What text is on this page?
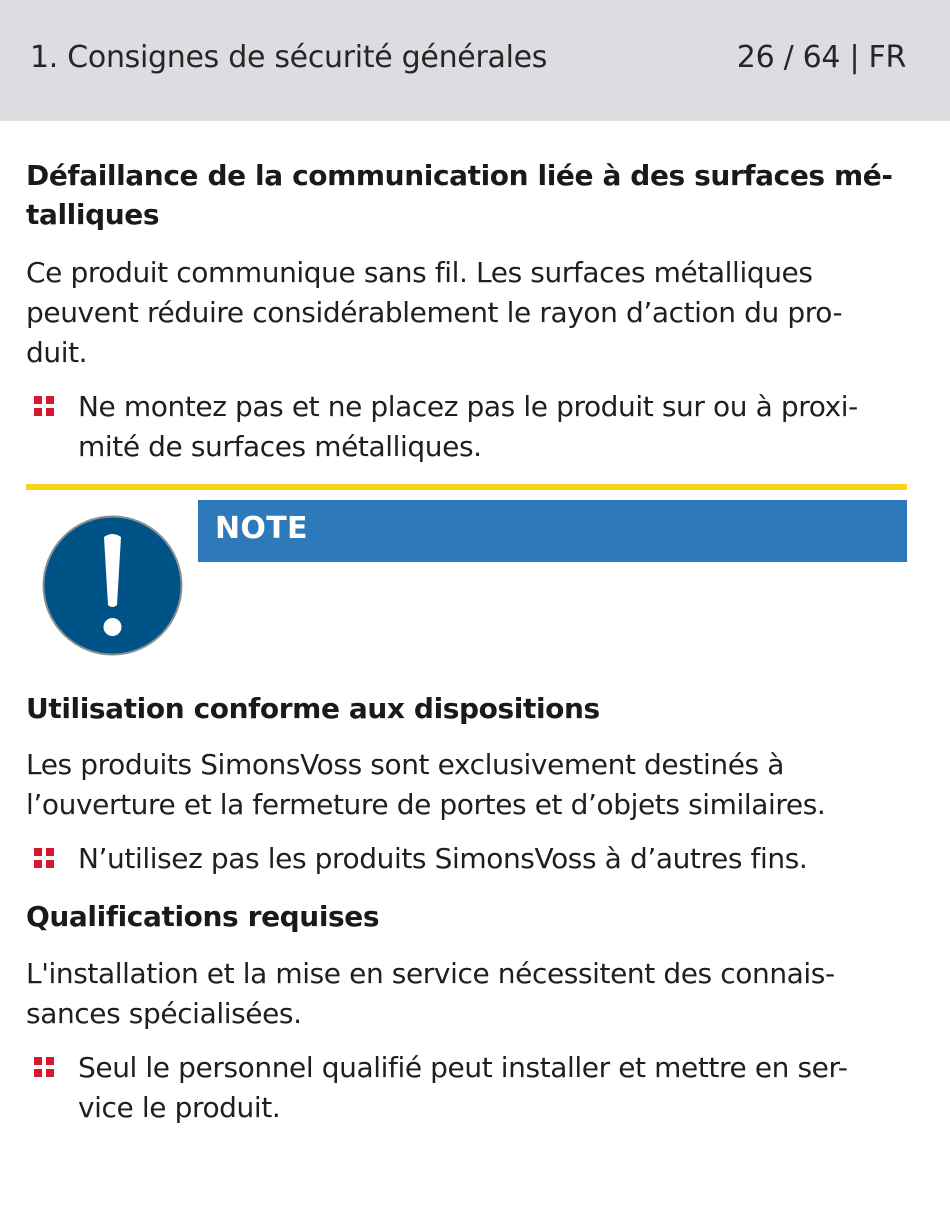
1. Consignes de sécurité générales	26 / 64 | FR
Défaillance de la communication liée à des surfaces mé-
talliques
Ce produit communique sans fil. Les surfaces métalliques
peuvent réduire considérablement le rayon d’action du pro-
duit.
Ne montez pas et ne placez pas le produit sur ou à proxi-
mité de surfaces métalliques.
NOTE
Utilisation conforme aux dispositions
Les produits SimonsVoss sont exclusivement destinés à
l’ouverture et la fermeture de portes et d’objets similaires.
N’utilisez pas les produits SimonsVoss à d’autres fins.
Qualifications requises
L'installation et la mise en service nécessitent des connais-
sances spécialisées.
Seul le personnel qualifié peut installer et mettre en ser-
vice le produit.
